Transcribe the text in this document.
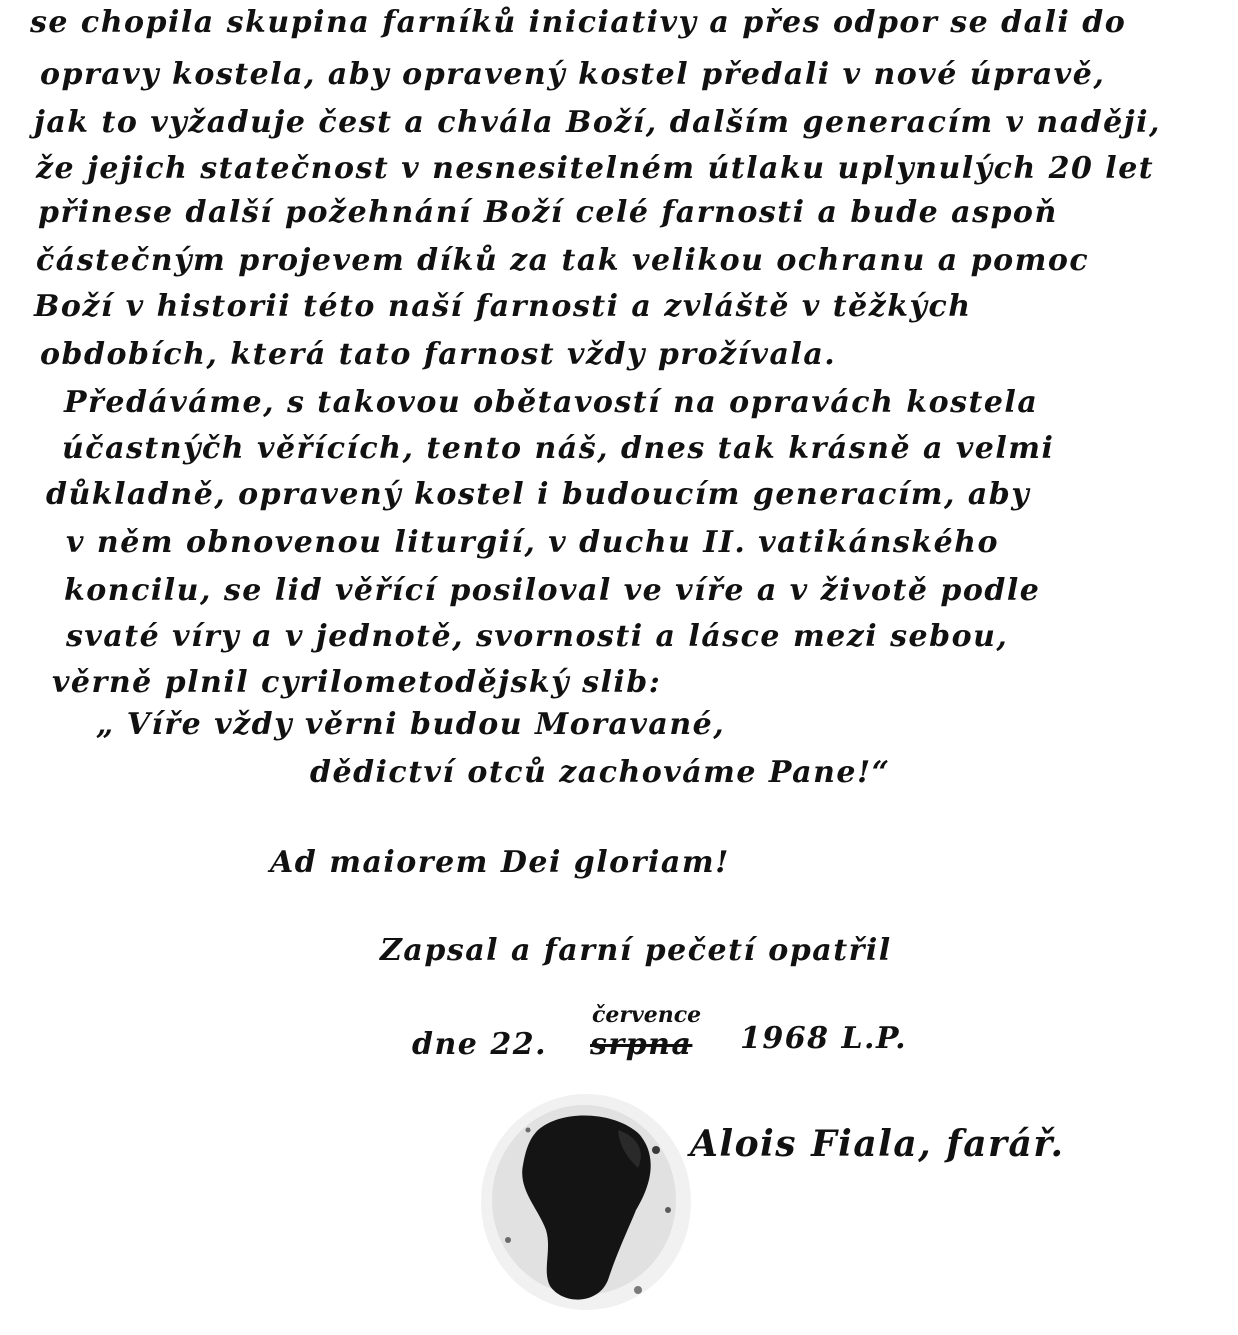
se chopila skupina farníků iniciativy a přes odpor se dali do
opravy kostela, aby opravený kostel předali v nové úpravě,
jak to vyžaduje čest a chvála Boží, dalším generacím v naději,
že jejich statečnost v nesnesitelném útlaku uplynulých 20 let
přinese další požehnání Boží celé farnosti a bude aspoň
částečným projevem díků za tak velikou ochranu a pomoc
Boží v historii této naší farnosti a zvláště v těžkých
obdobích, která tato farnost vždy prožívala.
Předáváme, s takovou obětavostí na opravách kostela
účastnýčh věřících, tento náš, dnes tak krásně a velmi
důkladně, opravený kostel i budoucím generacím, aby
v něm obnovenou liturgií, v duchu II. vatikánského
koncilu, se lid věřící posiloval ve víře a v životě podle
svaté víry a v jednotě, svornosti a lásce mezi sebou,
věrně plnil cyrilometodějský slib:
„ Víře vždy věrni budou Moravané,
dědictví otců zachováme Pane!“
Ad maiorem Dei gloriam!
Zapsal a farní pečetí opatřil
dne 22. srpna
července
1968 L.P.
Alois Fiala, farář.
